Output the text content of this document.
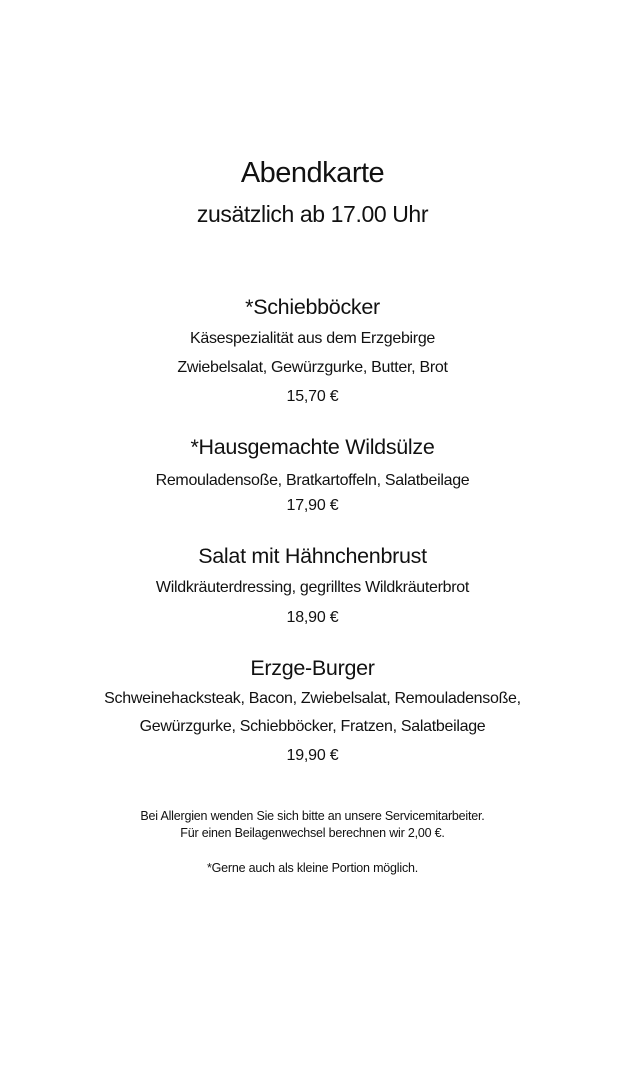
Abendkarte
zusätzlich ab 17.00 Uhr
*Schiebböcker
Käsespezialität aus dem Erzgebirge
Zwiebelsalat, Gewürzgurke, Butter, Brot
15,70 €
*Hausgemachte Wildsülze
Remouladensoße, Bratkartoffeln, Salatbeilage
17,90 €
Salat mit Hähnchenbrust
Wildkräuterdressing, gegrilltes Wildkräuterbrot
18,90 €
Erzge-Burger
Schweinehacksteak, Bacon, Zwiebelsalat, Remouladensoße,
Gewürzgurke, Schiebböcker, Fratzen, Salatbeilage
19,90 €
Bei Allergien wenden Sie sich bitte an unsere Servicemitarbeiter.
Für einen Beilagenwechsel berechnen wir 2,00 €.
*Gerne auch als kleine Portion möglich.
